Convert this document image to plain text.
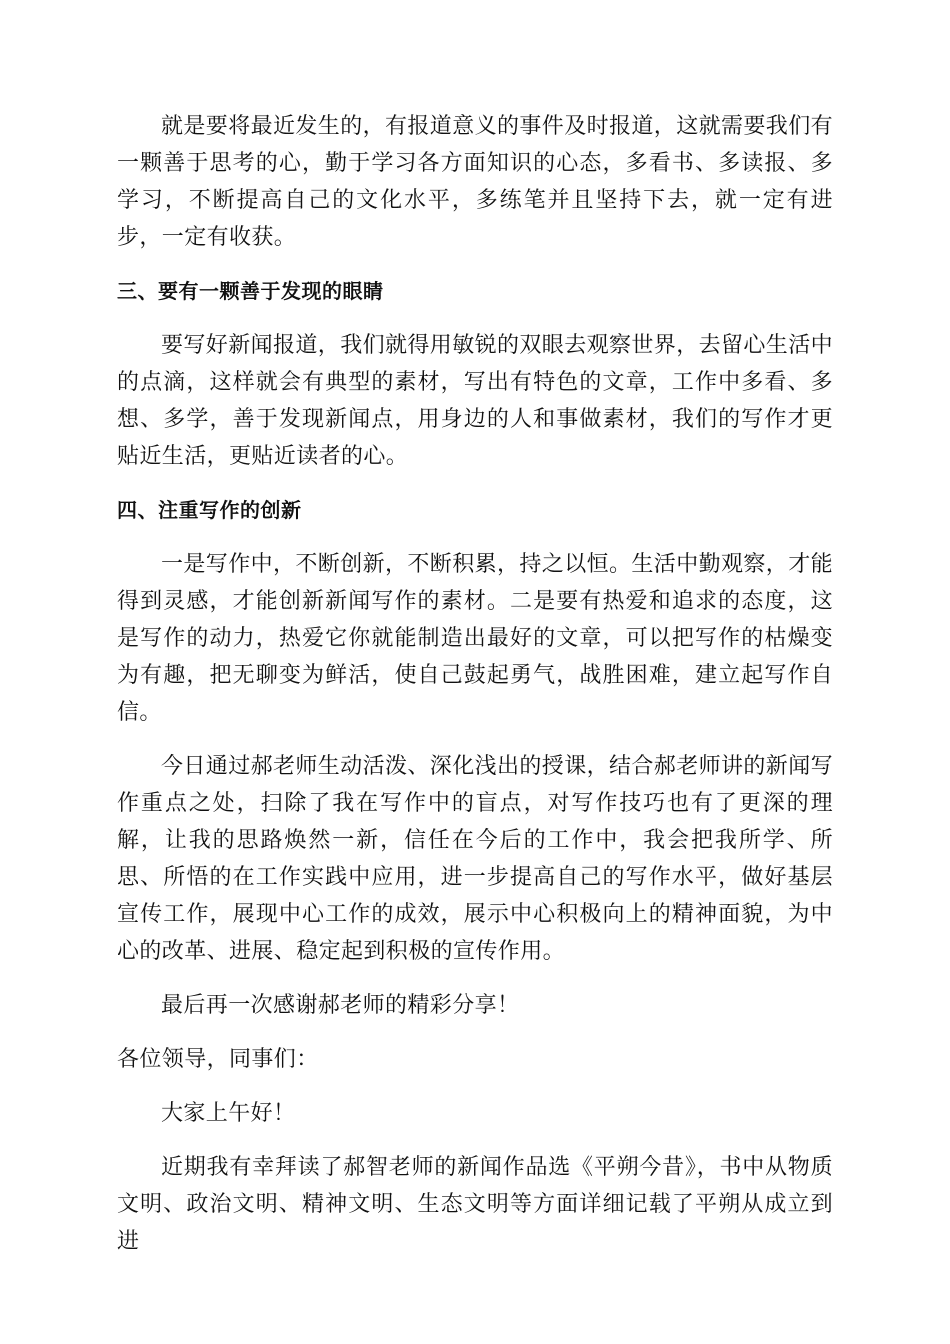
就是要将最近发生的，有报道意义的事件及时报道，这就需要我们有一颗善于思考的心，勤于学习各方面知识的心态，多看书、多读报、多学习，不断提高自己的文化水平，多练笔并且坚持下去，就一定有进步，一定有收获。

三、要有一颗善于发现的眼睛

要写好新闻报道，我们就得用敏锐的双眼去观察世界，去留心生活中的点滴，这样就会有典型的素材，写出有特色的文章，工作中多看、多想、多学，善于发现新闻点，用身边的人和事做素材，我们的写作才更贴近生活，更贴近读者的心。

四、注重写作的创新

一是写作中，不断创新，不断积累，持之以恒。生活中勤观察，才能得到灵感，才能创新新闻写作的素材。二是要有热爱和追求的态度，这是写作的动力，热爱它你就能制造出最好的文章，可以把写作的枯燥变为有趣，把无聊变为鲜活，使自己鼓起勇气，战胜困难，建立起写作自信。

今日通过郝老师生动活泼、深化浅出的授课，结合郝老师讲的新闻写作重点之处，扫除了我在写作中的盲点，对写作技巧也有了更深的理解，让我的思路焕然一新，信任在今后的工作中，我会把我所学、所思、所悟的在工作实践中应用，进一步提高自己的写作水平，做好基层宣传工作，展现中心工作的成效，展示中心积极向上的精神面貌，为中心的改革、进展、稳定起到积极的宣传作用。

最后再一次感谢郝老师的精彩分享！

各位领导，同事们：

大家上午好！

近期我有幸拜读了郝智老师的新闻作品选《平朔今昔》，书中从物质文明、政治文明、精神文明、生态文明等方面详细记载了平朔从成立到进
